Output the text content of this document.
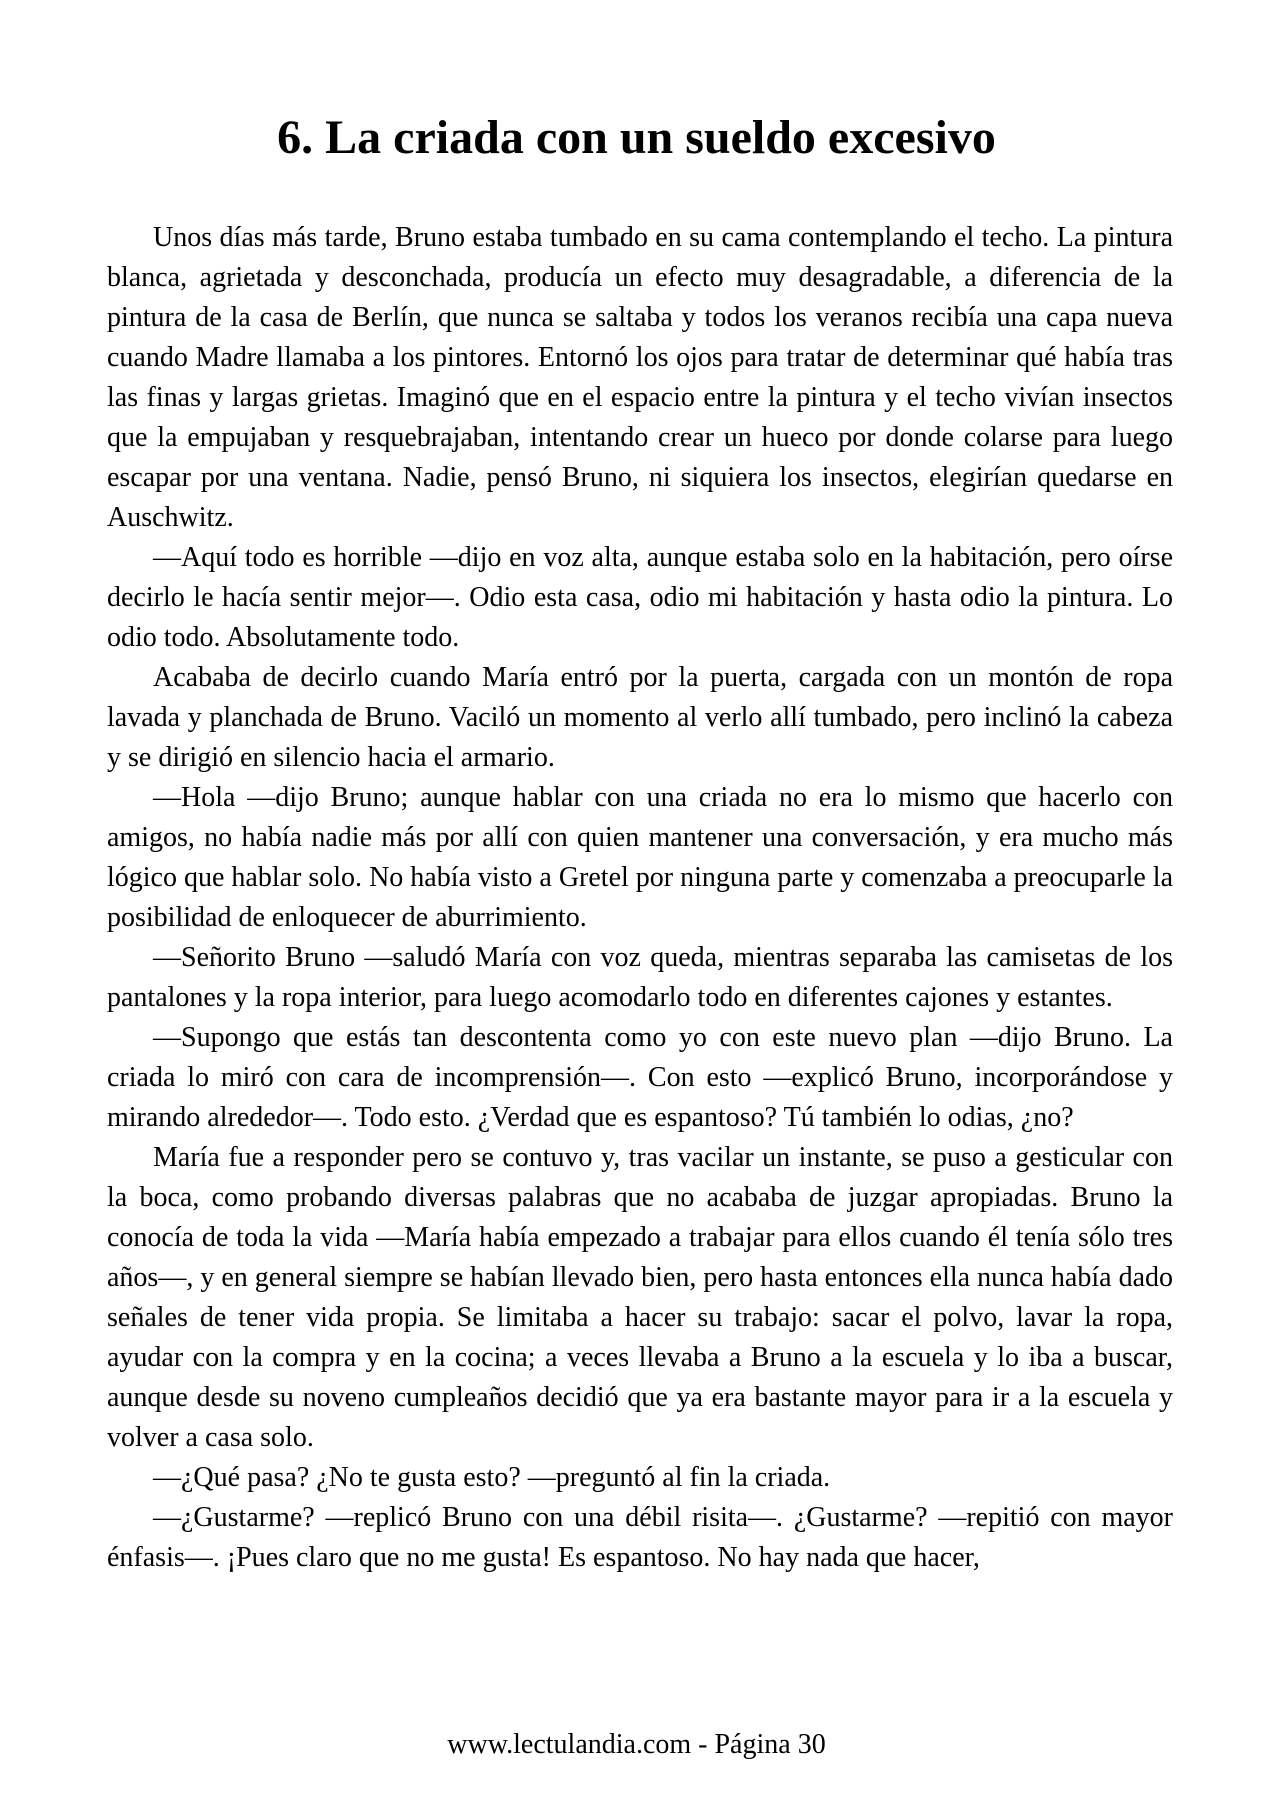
6. La criada con un sueldo excesivo

Unos días más tarde, Bruno estaba tumbado en su cama contemplando el techo. La pintura blanca, agrietada y desconchada, producía un efecto muy desagradable, a diferencia de la pintura de la casa de Berlín, que nunca se saltaba y todos los veranos recibía una capa nueva cuando Madre llamaba a los pintores. Entornó los ojos para tratar de determinar qué había tras las finas y largas grietas. Imaginó que en el espacio entre la pintura y el techo vivían insectos que la empujaban y resquebrajaban, intentando crear un hueco por donde colarse para luego escapar por una ventana. Nadie, pensó Bruno, ni siquiera los insectos, elegirían quedarse en Auschwitz.

—Aquí todo es horrible —dijo en voz alta, aunque estaba solo en la habitación, pero oírse decirlo le hacía sentir mejor—. Odio esta casa, odio mi habitación y hasta odio la pintura. Lo odio todo. Absolutamente todo.

Acababa de decirlo cuando María entró por la puerta, cargada con un montón de ropa lavada y planchada de Bruno. Vaciló un momento al verlo allí tumbado, pero inclinó la cabeza y se dirigió en silencio hacia el armario.

—Hola —dijo Bruno; aunque hablar con una criada no era lo mismo que hacerlo con amigos, no había nadie más por allí con quien mantener una conversación, y era mucho más lógico que hablar solo. No había visto a Gretel por ninguna parte y comenzaba a preocuparle la posibilidad de enloquecer de aburrimiento.

—Señorito Bruno —saludó María con voz queda, mientras separaba las camisetas de los pantalones y la ropa interior, para luego acomodarlo todo en diferentes cajones y estantes.

—Supongo que estás tan descontenta como yo con este nuevo plan —dijo Bruno. La criada lo miró con cara de incomprensión—. Con esto —explicó Bruno, incorporándose y mirando alrededor—. Todo esto. ¿Verdad que es espantoso? Tú también lo odias, ¿no?

María fue a responder pero se contuvo y, tras vacilar un instante, se puso a gesticular con la boca, como probando diversas palabras que no acababa de juzgar apropiadas. Bruno la conocía de toda la vida —María había empezado a trabajar para ellos cuando él tenía sólo tres años—, y en general siempre se habían llevado bien, pero hasta entonces ella nunca había dado señales de tener vida propia. Se limitaba a hacer su trabajo: sacar el polvo, lavar la ropa, ayudar con la compra y en la cocina; a veces llevaba a Bruno a la escuela y lo iba a buscar, aunque desde su noveno cumpleaños decidió que ya era bastante mayor para ir a la escuela y volver a casa solo.

—¿Qué pasa? ¿No te gusta esto? —preguntó al fin la criada.

—¿Gustarme? —replicó Bruno con una débil risita—. ¿Gustarme? —repitió con mayor énfasis—. ¡Pues claro que no me gusta! Es espantoso. No hay nada que hacer,

www.lectulandia.com - Página 30
